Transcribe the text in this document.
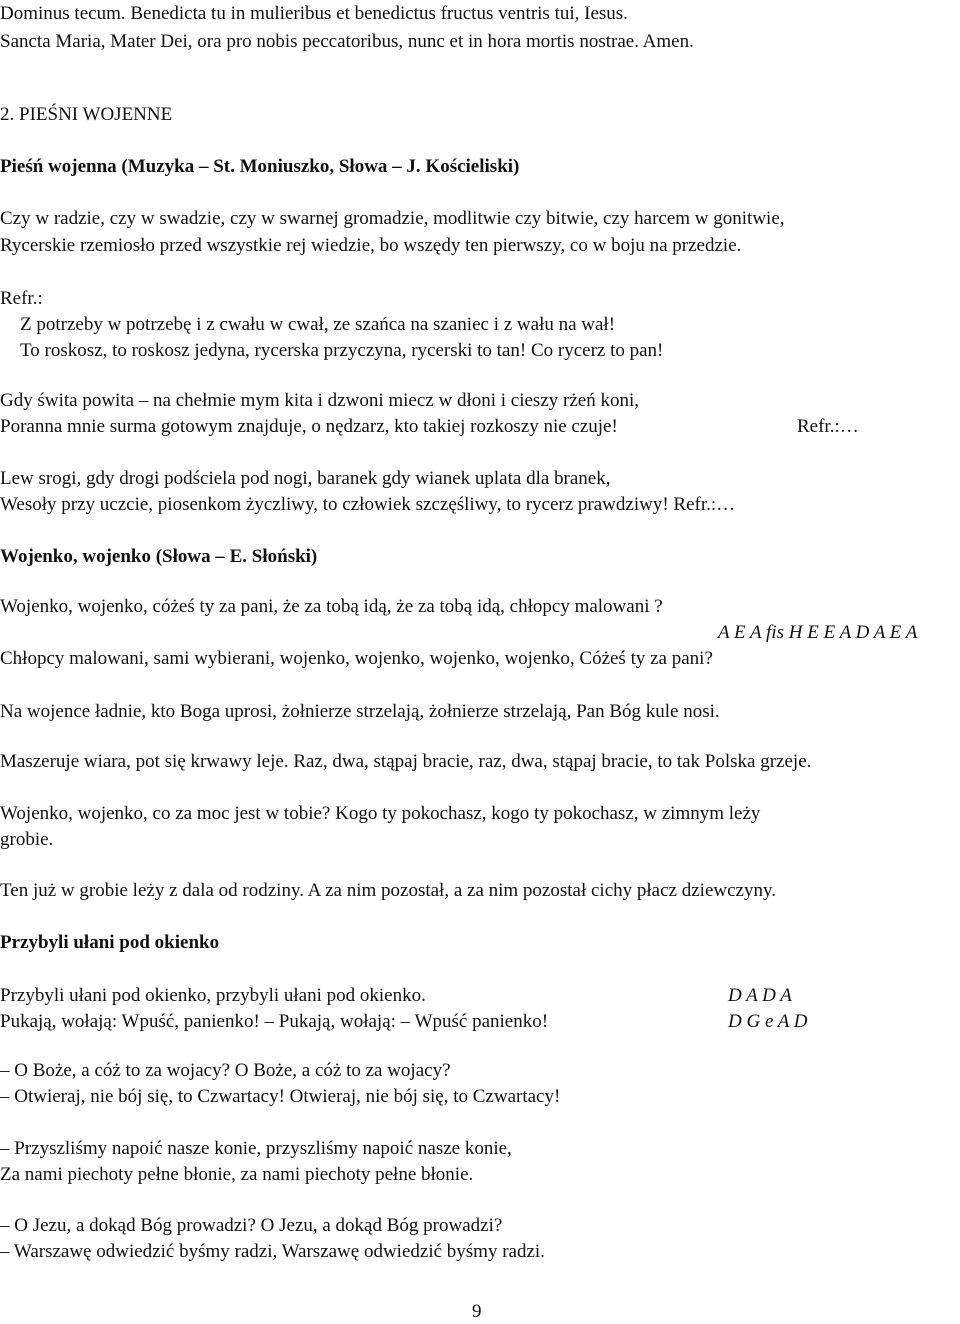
Dominus tecum. Benedicta tu in mulieribus et benedictus fructus ventris tui, Iesus.
Sancta Maria, Mater Dei, ora pro nobis peccatoribus, nunc et in hora mortis nostrae. Amen.
2. PIEŚNI WOJENNE
Pieśń wojenna (Muzyka – St. Moniuszko, Słowa – J. Kościeliski)
Czy w radzie, czy w swadzie, czy w swarnej gromadzie, modlitwie czy bitwie, czy harcem w gonitwie,
Rycerskie rzemiosło przed wszystkie rej wiedzie, bo wszędy ten pierwszy, co w boju na przedzie.
Refr.:
Z potrzeby w potrzebę i z cwału w cwał, ze szańca na szaniec i z wału na wał!
To roskosz, to roskosz jedyna, rycerska przyczyna, rycerski to tan! Co rycerz to pan!
Gdy świta powita – na chełmie mym kita i dzwoni miecz w dłoni i cieszy rżeń koni,
Poranna mnie surma gotowym znajduje, o nędzarz, kto takiej rozkoszy nie czuje!	Refr.:…
Lew srogi, gdy drogi podściela pod nogi, baranek gdy wianek uplata dla branek,
Wesoły przy uczcie, piosenkom życzliwy, to człowiek szczęśliwy, to rycerz prawdziwy! Refr.:…
Wojenko, wojenko (Słowa – E. Słoński)
Wojenko, wojenko, cóżeś ty za pani, że za tobą idą, że za tobą idą, chłopcy malowani ?
A E A fis H E E A D A E A
Chłopcy malowani, sami wybierani, wojenko, wojenko, wojenko, wojenko, Cóżeś ty za pani?
Na wojence ładnie, kto Boga uprosi, żołnierze strzelają, żołnierze strzelają, Pan Bóg kule nosi.
Maszeruje wiara, pot się krwawy leje. Raz, dwa, stąpaj bracie, raz, dwa, stąpaj bracie, to tak Polska grzeje.
Wojenko, wojenko, co za moc jest w tobie? Kogo ty pokochasz, kogo ty pokochasz, w zimnym leży
grobie.
Ten już w grobie leży z dala od rodziny. A za nim pozostał, a za nim pozostał cichy płacz dziewczyny.
Przybyli ułani pod okienko
Przybyli ułani pod okienko, przybyli ułani pod okienko.	D A D A
Pukają, wołają: Wpuść, panienko! – Pukają, wołają: – Wpuść panienko!	D G e A D
– O Boże, a cóż to za wojacy? O Boże, a cóż to za wojacy?
– Otwieraj, nie bój się, to Czwartacy! Otwieraj, nie bój się, to Czwartacy!
– Przyszliśmy napoić nasze konie, przyszliśmy napoić nasze konie,
Za nami piechoty pełne błonie, za nami piechoty pełne błonie.
– O Jezu, a dokąd Bóg prowadzi? O Jezu, a dokąd Bóg prowadzi?
– Warszawę odwiedzić byśmy radzi, Warszawę odwiedzić byśmy radzi.
9
